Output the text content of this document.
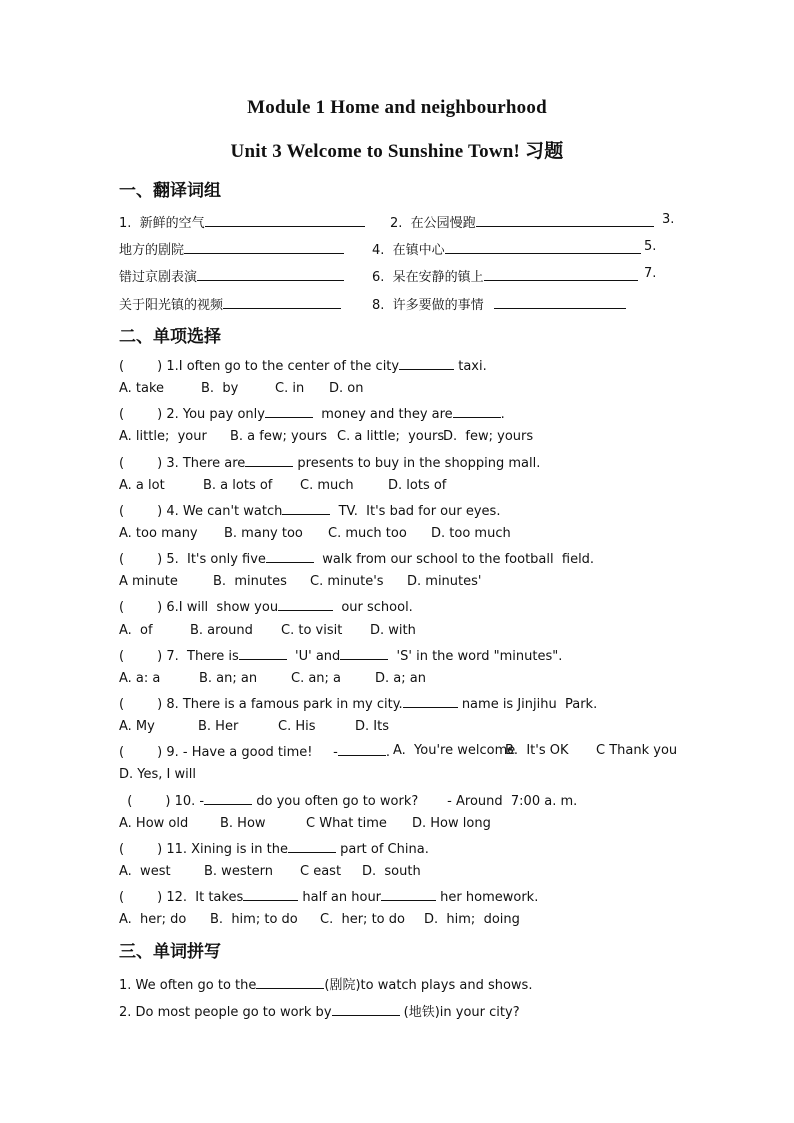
Module 1 Home and neighbourhood
Unit 3 Welcome to Sunshine Town! 习题
一、翻译词组
1.  新鲜的空气	2.  在公园慢跑	3.
地方的剧院	4.  在镇中心	5.
错过京剧表演	6.  呆在安静的镇上	7.
关于阳光镇的视频	8.  许多要做的事情
二、单项选择
(        ) 1.I often go to the center of the city	taxi.
A. take	B.  by	C. in D. on
(        ) 2. You pay only	money and they are	.
A. little;  your B. a few; yours C. a little;  yours
D.  few; yours
(        ) 3. There are	presents to buy in the shopping mall.
A. a lot	B. a lots of C. much	D. lots of
(        ) 4. We can't watch	TV.  It's bad for our eyes.
A. too many B. many too C. much too D. too much
(        ) 5.  It's only five	walk from our school to the football  field.
A minute	B.  minutes C. minute's D. minutes'
(        ) 6.I will  show you	our school.
A.  of	B. around C. to visit D. with
(        ) 7.  There is	'U' and	'S' in the word "minutes".
A. a: a	B. an; an	C. an; a	D. a; an
(        ) 8. There is a famous park in my city.	name is Jinjihu  Park.
A. My	B. Her	C. His	D. Its
(        ) 9. - Have a good time!     -	. A.  You're welcome
B.  It's OK C Thank you
D. Yes, I will
(        ) 10. -	do you often go to work?       - Around  7:00 a. m.
A. How old B. How	C What time D. How long
(        ) 11. Xining is in the	part of China.
A.  west	B. western C east D.  south
(        ) 12.  It takes	half an hour	her homework.
A.  her; do B.  him; to do C.  her; to do D.  him;  doing
三、单词拼写
1. We often go to the	(剧院)to watch plays and shows.
2. Do most people go to work by	(地铁)in your city?
